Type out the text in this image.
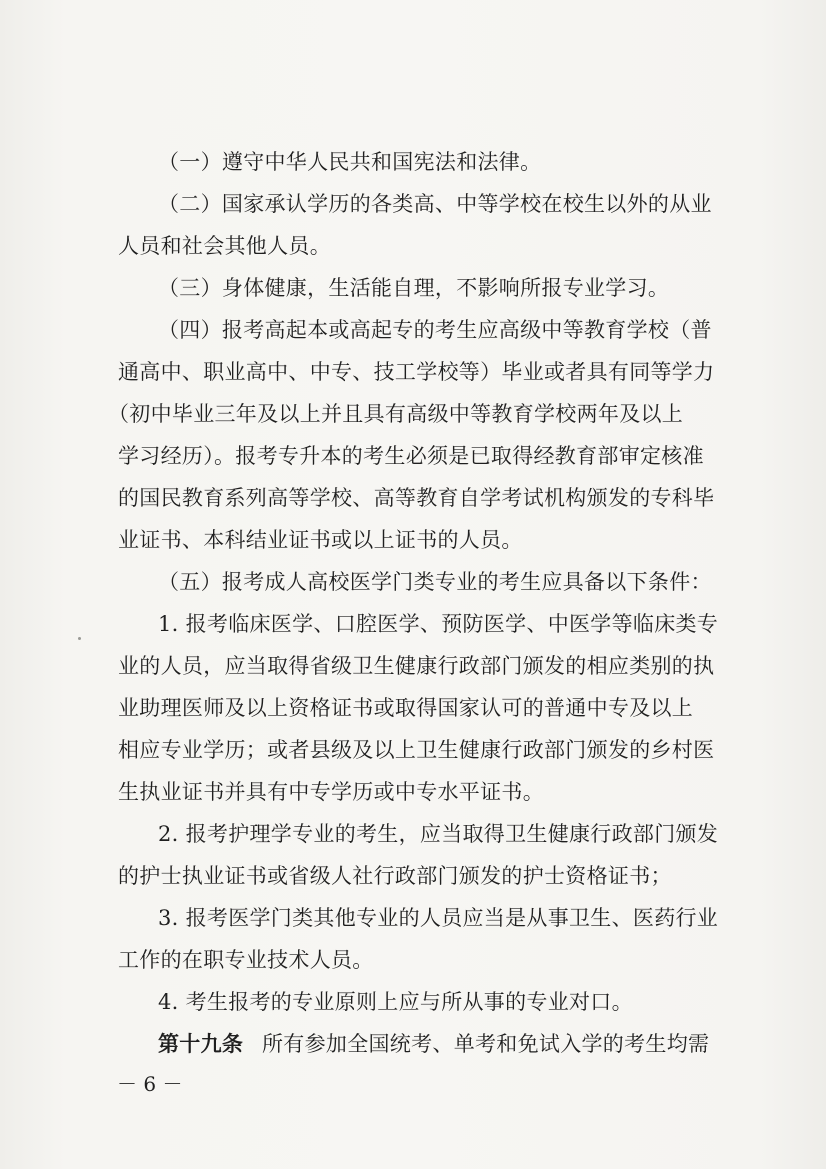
（一）遵守中华人民共和国宪法和法律。
（二）国家承认学历的各类高、中等学校在校生以外的从业
人员和社会其他人员。
（三）身体健康，生活能自理，不影响所报专业学习。
（四）报考高起本或高起专的考生应高级中等教育学校（普
通高中、职业高中、中专、技工学校等）毕业或者具有同等学力
（初中毕业三年及以上并且具有高级中等教育学校两年及以上
学习经历）。报考专升本的考生必须是已取得经教育部审定核准
的国民教育系列高等学校、高等教育自学考试机构颁发的专科毕
业证书、本科结业证书或以上证书的人员。
（五）报考成人高校医学门类专业的考生应具备以下条件：
1. 报考临床医学、口腔医学、预防医学、中医学等临床类专
业的人员，应当取得省级卫生健康行政部门颁发的相应类别的执
业助理医师及以上资格证书或取得国家认可的普通中专及以上
相应专业学历；或者县级及以上卫生健康行政部门颁发的乡村医
生执业证书并具有中专学历或中专水平证书。
2. 报考护理学专业的考生，应当取得卫生健康行政部门颁发
的护士执业证书或省级人社行政部门颁发的护士资格证书；
3. 报考医学门类其他专业的人员应当是从事卫生、医药行业
工作的在职专业技术人员。
4. 考生报考的专业原则上应与所从事的专业对口。
第十九条 所有参加全国统考、单考和免试入学的考生均需
－ 6 －
